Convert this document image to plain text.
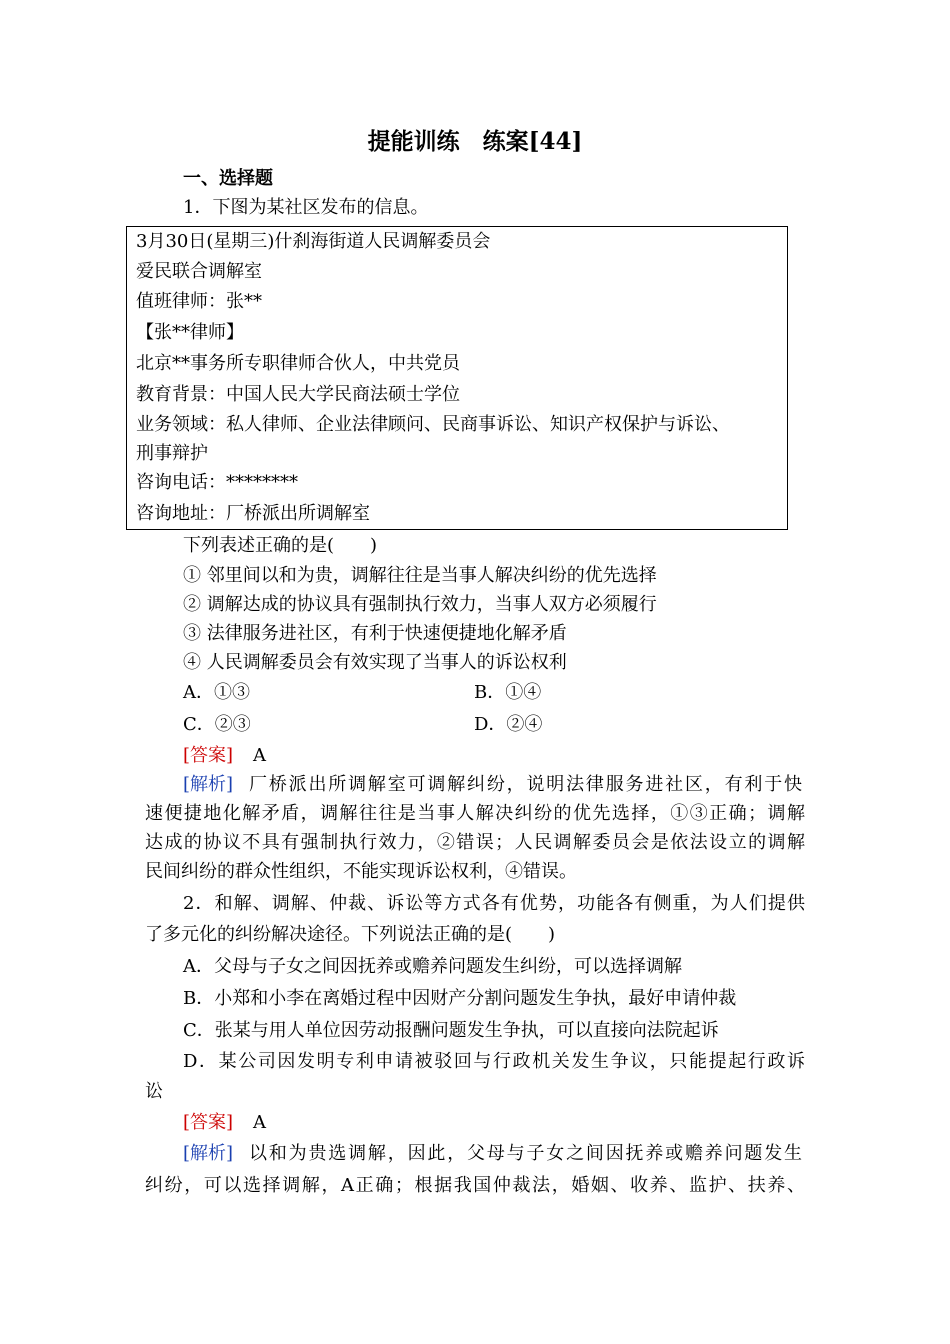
提能训练　练案[44]
一、选择题
1．下图为某社区发布的信息。
3月30日(星期三)什刹海街道人民调解委员会
爱民联合调解室
值班律师：张**
【张**律师】
北京**事务所专职律师合伙人，中共党员
教育背景：中国人民大学民商法硕士学位
业务领域：私人律师、企业法律顾问、民商事诉讼、知识产权保护与诉讼、
刑事辩护
咨询电话：********
咨询地址：厂桥派出所调解室
下列表述正确的是(　　)
① 邻里间以和为贵，调解往往是当事人解决纠纷的优先选择
② 调解达成的协议具有强制执行效力，当事人双方必须履行
③ 法律服务进社区，有利于快速便捷地化解矛盾
④ 人民调解委员会有效实现了当事人的诉讼权利
A．①③	B．①④
C．②③	D．②④
[答案] A
[解析] 厂桥派出所调解室可调解纠纷，说明法律服务进社区，有利于快
速便捷地化解矛盾，调解往往是当事人解决纠纷的优先选择，①③正确；调解
达成的协议不具有强制执行效力，②错误；人民调解委员会是依法设立的调解
民间纠纷的群众性组织，不能实现诉讼权利，④错误。
2．和解、调解、仲裁、诉讼等方式各有优势，功能各有侧重，为人们提供
了多元化的纠纷解决途径。下列说法正确的是(　　)
A．父母与子女之间因抚养或赡养问题发生纠纷，可以选择调解
B．小郑和小李在离婚过程中因财产分割问题发生争执，最好申请仲裁
C．张某与用人单位因劳动报酬问题发生争执，可以直接向法院起诉
D．某公司因发明专利申请被驳回与行政机关发生争议，只能提起行政诉
讼
[答案] A
[解析] 以和为贵选调解，因此，父母与子女之间因抚养或赡养问题发生
纠纷，可以选择调解，A正确；根据我国仲裁法，婚姻、收养、监护、扶养、
